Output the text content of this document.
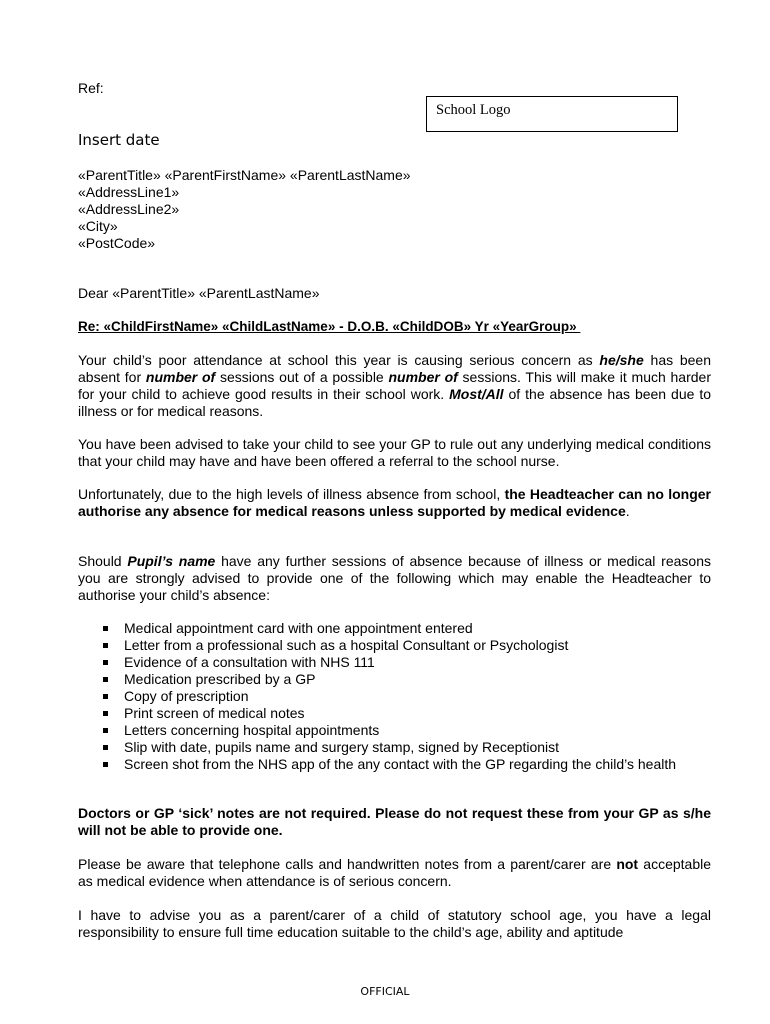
Ref:
School Logo
Insert date
«ParentTitle» «ParentFirstName» «ParentLastName»
«AddressLine1»
«AddressLine2»
«City»
«PostCode»
Dear «ParentTitle» «ParentLastName»
Re: «ChildFirstName» «ChildLastName» - D.O.B. «ChildDOB» Yr «YearGroup»
Your child’s poor attendance at school this year is causing serious concern as he/she has been absent for number of sessions out of a possible number of sessions. This will make it much harder for your child to achieve good results in their school work. Most/All of the absence has been due to illness or for medical reasons.
You have been advised to take your child to see your GP to rule out any underlying medical conditions that your child may have and have been offered a referral to the school nurse.
Unfortunately, due to the high levels of illness absence from school, the Headteacher can no longer authorise any absence for medical reasons unless supported by medical evidence.
Should Pupil’s name have any further sessions of absence because of illness or medical reasons you are strongly advised to provide one of the following which may enable the Headteacher to authorise your child’s absence:
Medical appointment card with one appointment entered
Letter from a professional such as a hospital Consultant or Psychologist
Evidence of a consultation with NHS 111
Medication prescribed by a GP
Copy of prescription
Print screen of medical notes
Letters concerning hospital appointments
Slip with date, pupils name and surgery stamp, signed by Receptionist
Screen shot from the NHS app of the any contact with the GP regarding the child’s health
Doctors or GP ‘sick’ notes are not required. Please do not request these from your GP as s/he will not be able to provide one.
Please be aware that telephone calls and handwritten notes from a parent/carer are not acceptable as medical evidence when attendance is of serious concern.
I have to advise you as a parent/carer of a child of statutory school age, you have a legal responsibility to ensure full time education suitable to the child’s age, ability and aptitude
OFFICIAL
